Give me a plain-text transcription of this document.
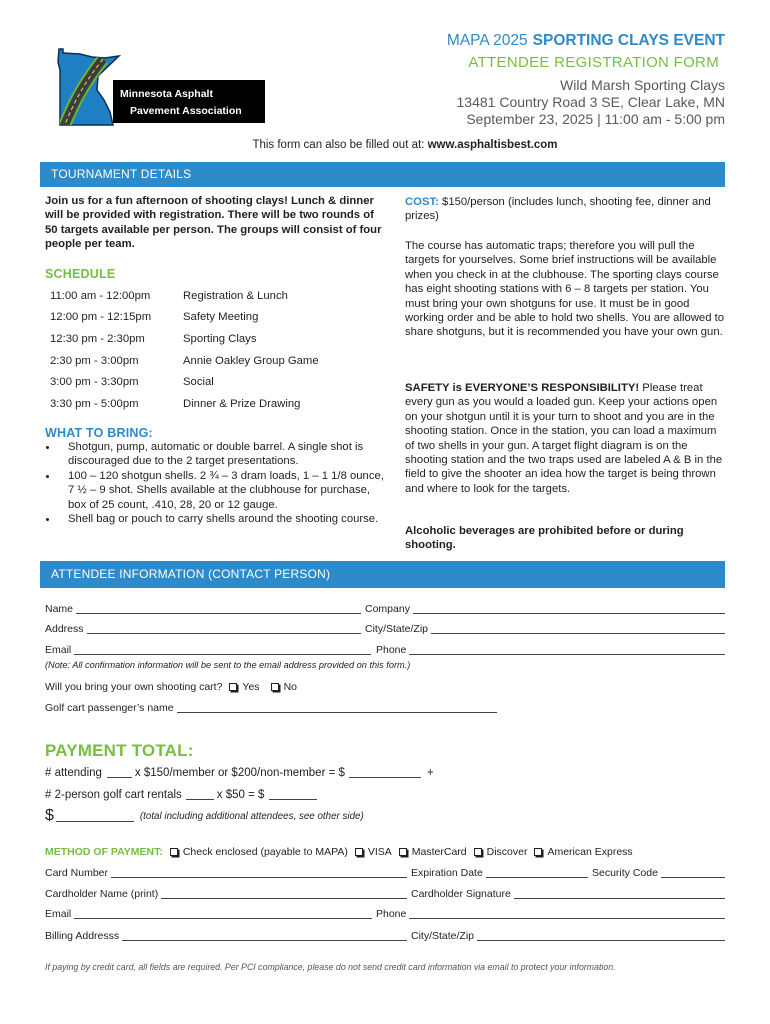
Minnesota Asphalt
Pavement Association
MAPA 2025 SPORTING CLAYS EVENT
ATTENDEE REGISTRATION FORM
Wild Marsh Sporting Clays
13481 Country Road 3 SE, Clear Lake, MN
September 23, 2025 | 11:00 am - 5:00 pm
This form can also be filled out at: www.asphaltisbest.com
TOURNAMENT DETAILS

Join us for a fun afternoon of shooting clays! Lunch & dinner will be provided with registration. There will be two rounds of 50 targets available per person. The groups will consist of four people per team.

SCHEDULE
11:00 am - 12:00pm	Registration & Lunch
12:00 pm - 12:15pm	Safety Meeting
12:30 pm - 2:30pm	Sporting Clays
2:30 pm - 3:00pm	Annie Oakley Group Game
3:00 pm - 3:30pm	Social
3:30 pm - 5:00pm	Dinner & Prize Drawing
WHAT TO BRING:
Shotgun, pump, automatic or double barrel. A single shot is discouraged due to the 2 target presentations.
100 – 120 shotgun shells. 2 ¾ – 3 dram loads, 1 – 1 1/8 ounce, 7 ½ – 9 shot. Shells available at the clubhouse for purchase, box of 25 count, .410, 28, 20 or 12 gauge.
Shell bag or pouch to carry shells around the shooting course.

COST: $150/person (includes lunch, shooting fee, dinner and prizes)

The course has automatic traps; therefore you will pull the targets for yourselves. Some brief instructions will be available when you check in at the clubhouse. The sporting clays course has eight shooting stations with 6 – 8 targets per station. You must bring your own shotguns for use. It must be in good working order and be able to hold two shells. You are allowed to share shotguns, but it is recommended you have your own gun.

SAFETY is EVERYONE’S RESPONSIBILITY! Please treat every gun as you would a loaded gun. Keep your actions open on your shotgun until it is your turn to shoot and you are in the shooting station. Once in the station, you can load a maximum of two shells in your gun. A target flight diagram is on the shooting station and the two traps used are labeled A & B in the field to give the shooter an idea how the target is being thrown and where to look for the targets.

Alcoholic beverages are prohibited before or during shooting.

ATTENDEE INFORMATION (CONTACT PERSON)
Name	Company
Address	City/State/Zip
Email	Phone
(Note: All confirmation information will be sent to the email address provided on this form.)
Will you bring your own shooting cart? Yes No
Golf cart passenger’s name
PAYMENT TOTAL:
# attending	x $150/member or $200/non-member = $	+
# 2-person golf cart rentals	x $50 = $
$	(total including additional attendees, see other side)
METHOD OF PAYMENT: Check enclosed (payable to MAPA) VISA MasterCard Discover American Express
Card Number	Expiration Date	Security Code
Cardholder Name (print)	Cardholder Signature
Email	Phone
Billing Addresss	City/State/Zip
If paying by credit card, all fields are required. Per PCI compliance, please do not send credit card information via email to protect your information.
